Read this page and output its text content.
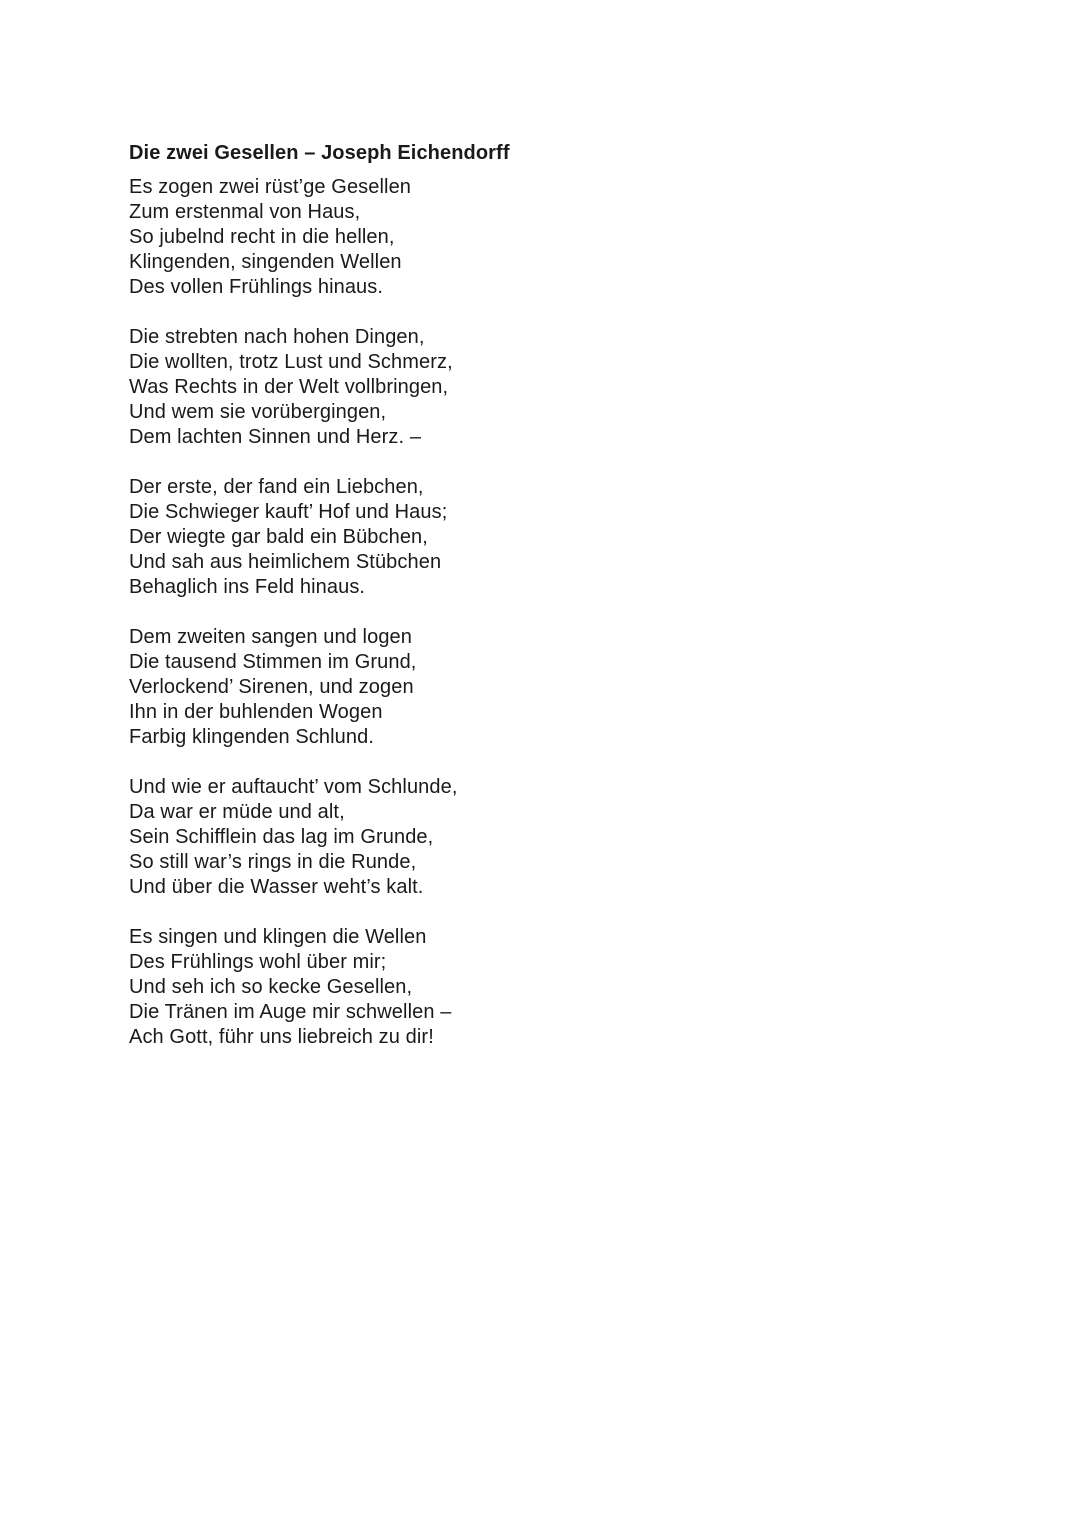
Die zwei Gesellen – Joseph Eichendorff
Es zogen zwei rüst’ge Gesellen
Zum erstenmal von Haus,
So jubelnd recht in die hellen,
Klingenden, singenden Wellen
Des vollen Frühlings hinaus.
Die strebten nach hohen Dingen,
Die wollten, trotz Lust und Schmerz,
Was Rechts in der Welt vollbringen,
Und wem sie vorübergingen,
Dem lachten Sinnen und Herz. –
Der erste, der fand ein Liebchen,
Die Schwieger kauft’ Hof und Haus;
Der wiegte gar bald ein Bübchen,
Und sah aus heimlichem Stübchen
Behaglich ins Feld hinaus.
Dem zweiten sangen und logen
Die tausend Stimmen im Grund,
Verlockend’ Sirenen, und zogen
Ihn in der buhlenden Wogen
Farbig klingenden Schlund.
Und wie er auftaucht’ vom Schlunde,
Da war er müde und alt,
Sein Schifflein das lag im Grunde,
So still war’s rings in die Runde,
Und über die Wasser weht’s kalt.
Es singen und klingen die Wellen
Des Frühlings wohl über mir;
Und seh ich so kecke Gesellen,
Die Tränen im Auge mir schwellen –
Ach Gott, führ uns liebreich zu dir!
